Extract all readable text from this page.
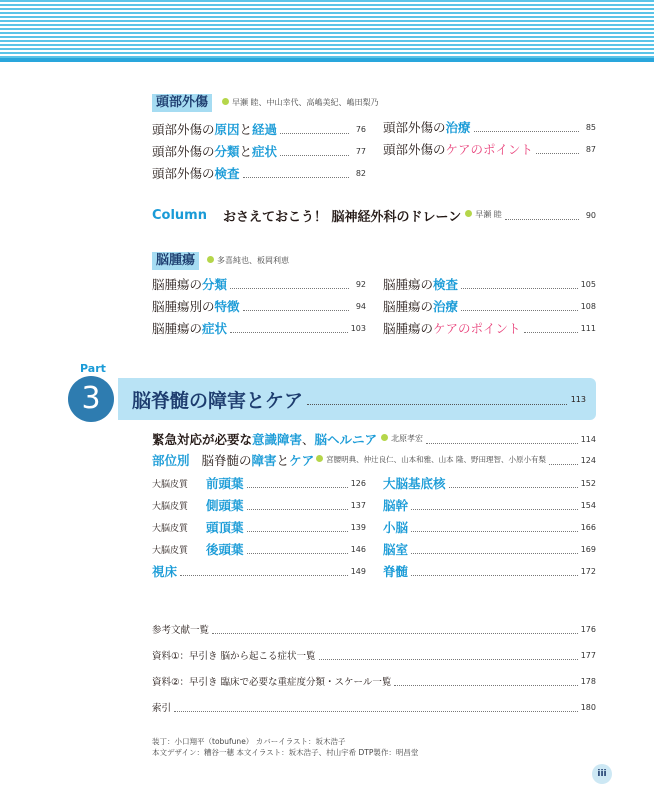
頭部外傷	早瀬 睦、中山幸代、高嶋美紀、嶋田梨乃
頭部外傷の 原因 と 経過	76
頭部外傷の 分類 と 症状	77
頭部外傷の 検査	82
頭部外傷の 治療	85
頭部外傷の ケアのポイント	87
Column おさえておこう！ 脳神経外科のドレーン	早瀬 睦	90
脳腫瘍	多喜純也、板岡利恵
脳腫瘍の 分類	92
脳腫瘍別の 特徴	94
脳腫瘍の 症状	103
脳腫瘍の 検査	105
脳腫瘍の 治療	108
脳腫瘍の ケアのポイント	111
Part
脳脊髄の障害とケア	113
3
緊急対応が必要な 意識障害 、 脳ヘルニア	北原孝宏	114
部位別 脳脊髄の 障害 と ケア	宮腰明典、仲辻良仁、山本和雅、山本 隆、野田理智、小原小有梨	124
大脳皮質	前頭葉	126
大脳皮質	側頭葉	137
大脳皮質	頭頂葉	139
大脳皮質	後頭葉	146
視床	149
大脳基底核	152
脳幹	154
小脳	166
脳室	169
脊髄	172
参考文献一覧	176
資料①：早引き 脳から起こる症状一覧	177
資料②：早引き 臨床で必要な重症度分類・スケール一覧	178
索引	180
装丁：小口翔平（tobufune） カバーイラスト：坂木浩子
本文デザイン：糟谷一穂 本文イラスト：坂木浩子、村山宇希 DTP製作：明昌堂
iii
